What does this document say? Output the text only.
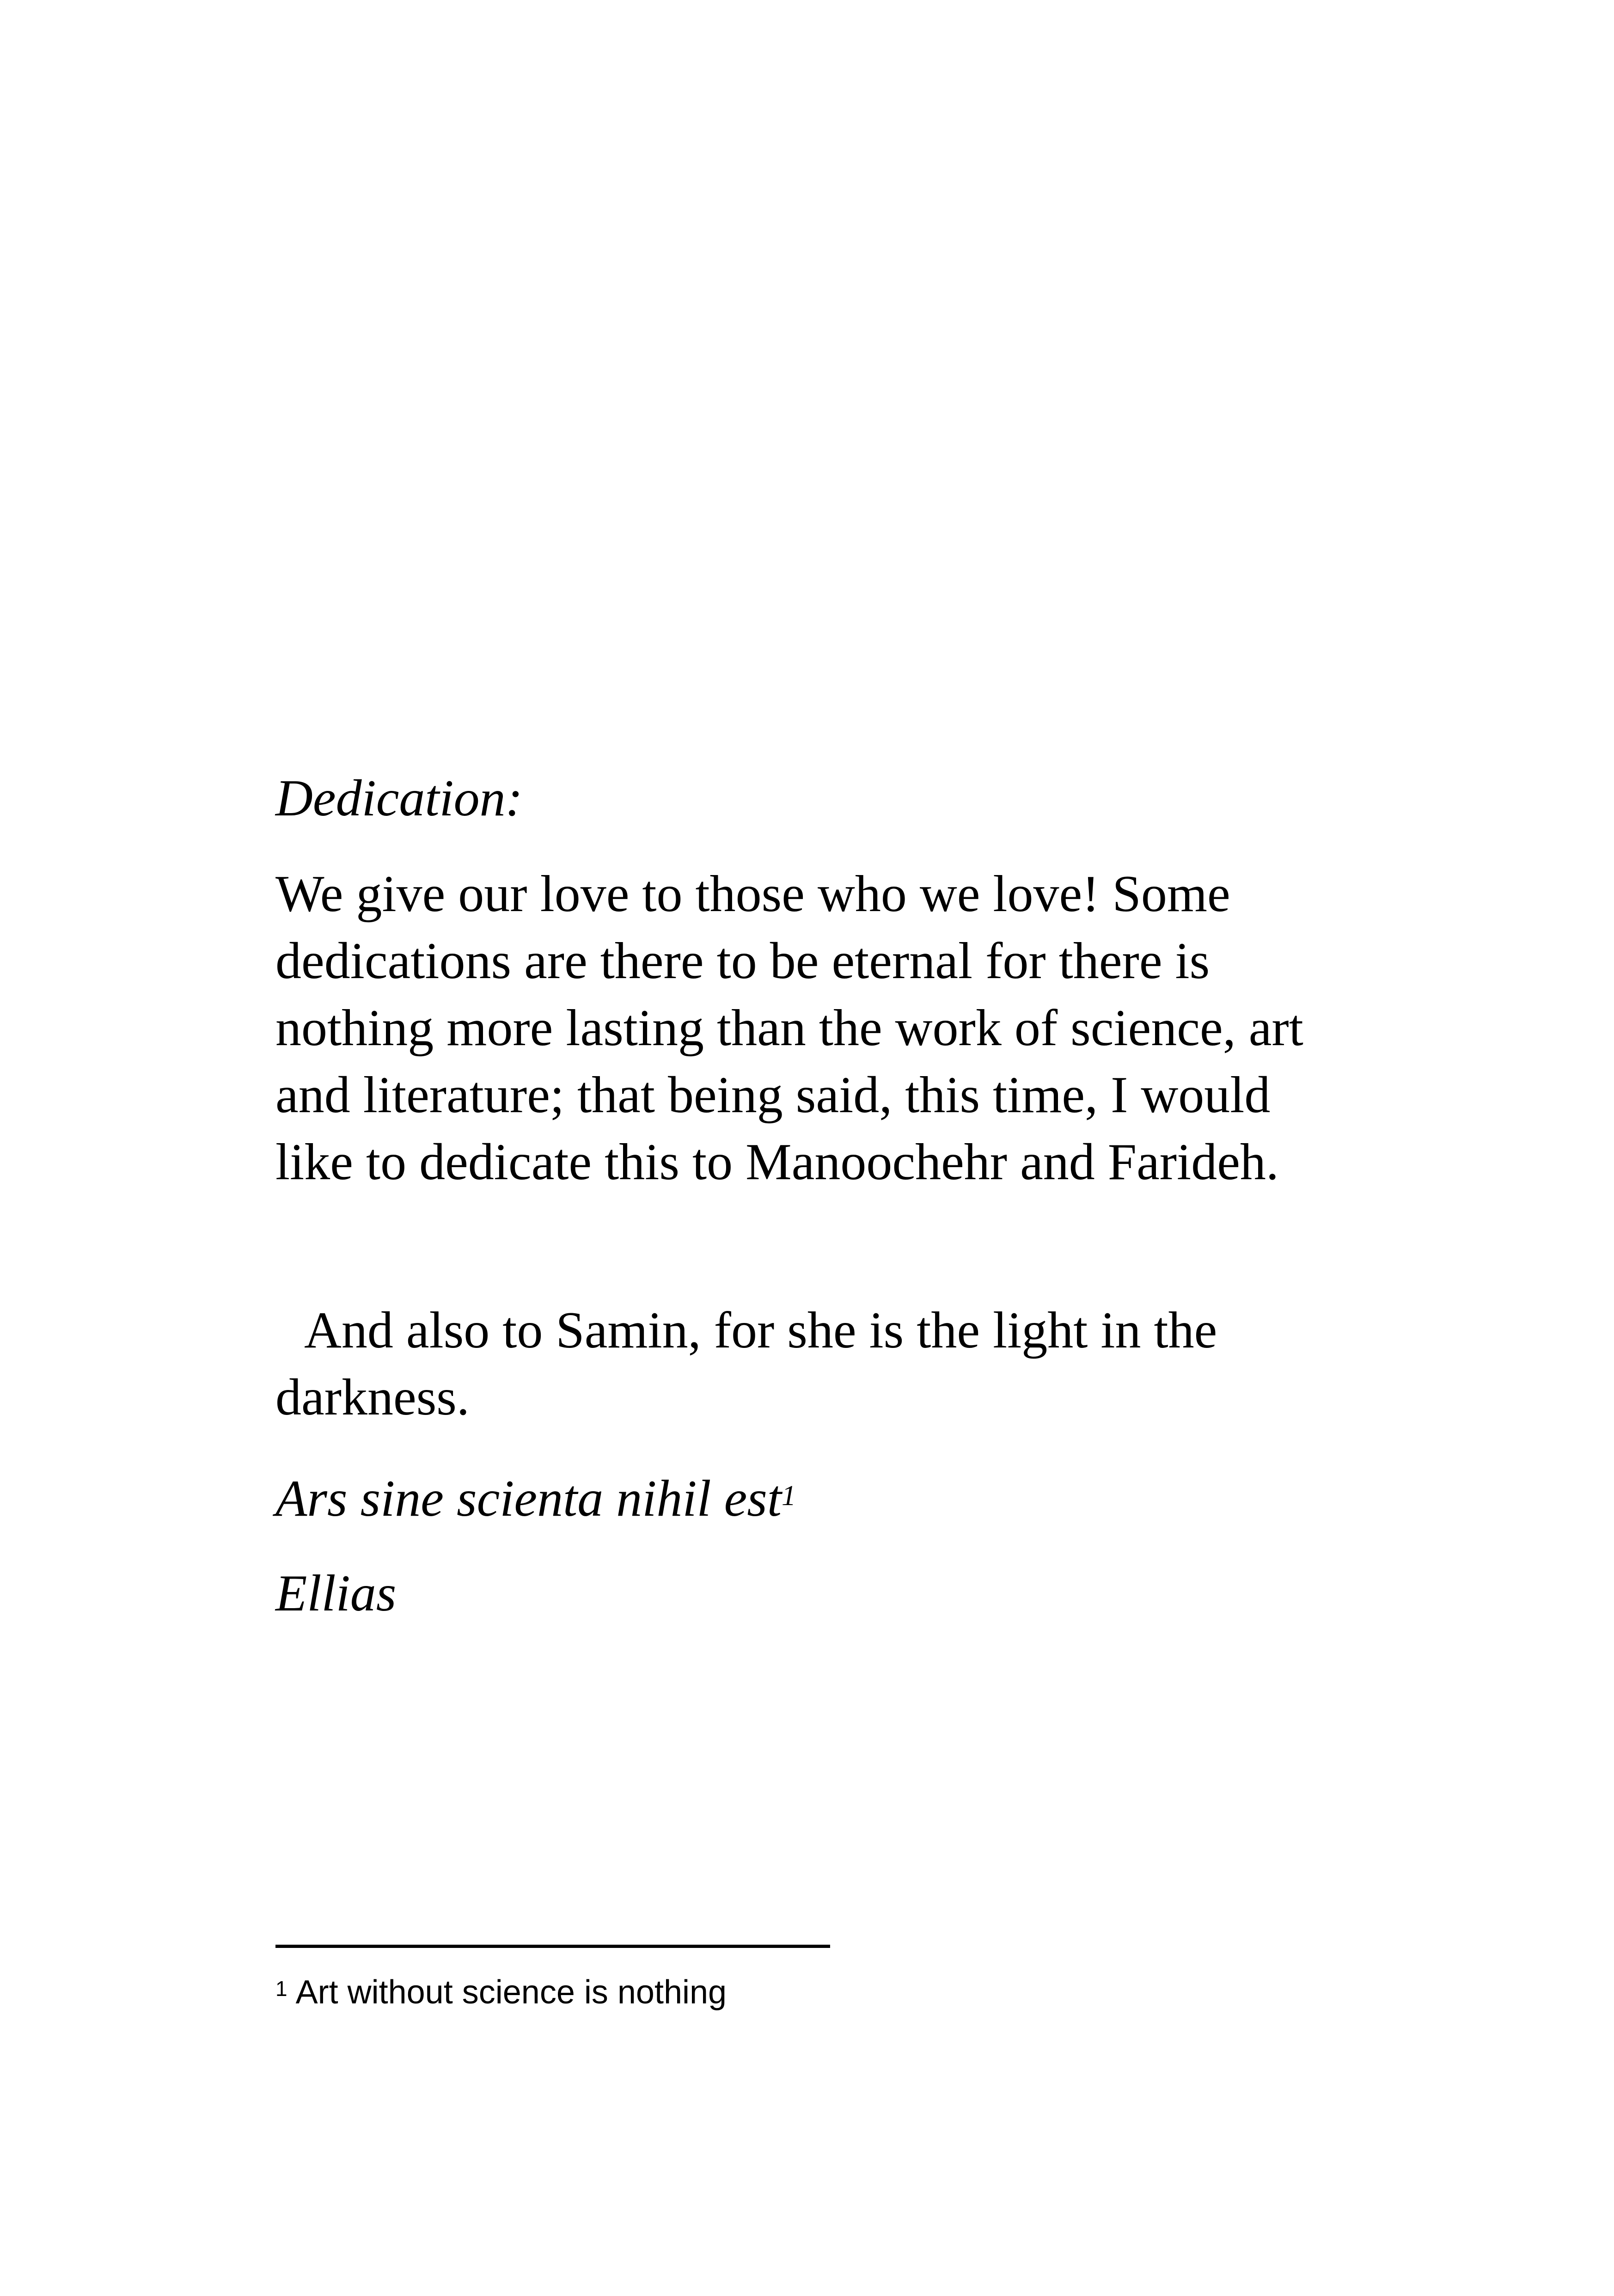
Dedication:

We give our love to those who we love! Some dedications are there to be eternal for there is nothing more lasting than the work of science, art and literature; that being said, this time, I would like to dedicate this to Manoochehr and Farideh.

And also to Samin, for she is the light in the darkness.

Ars sine scienta nihil est$^1$

Ellias

$^1$ Art without science is nothing
